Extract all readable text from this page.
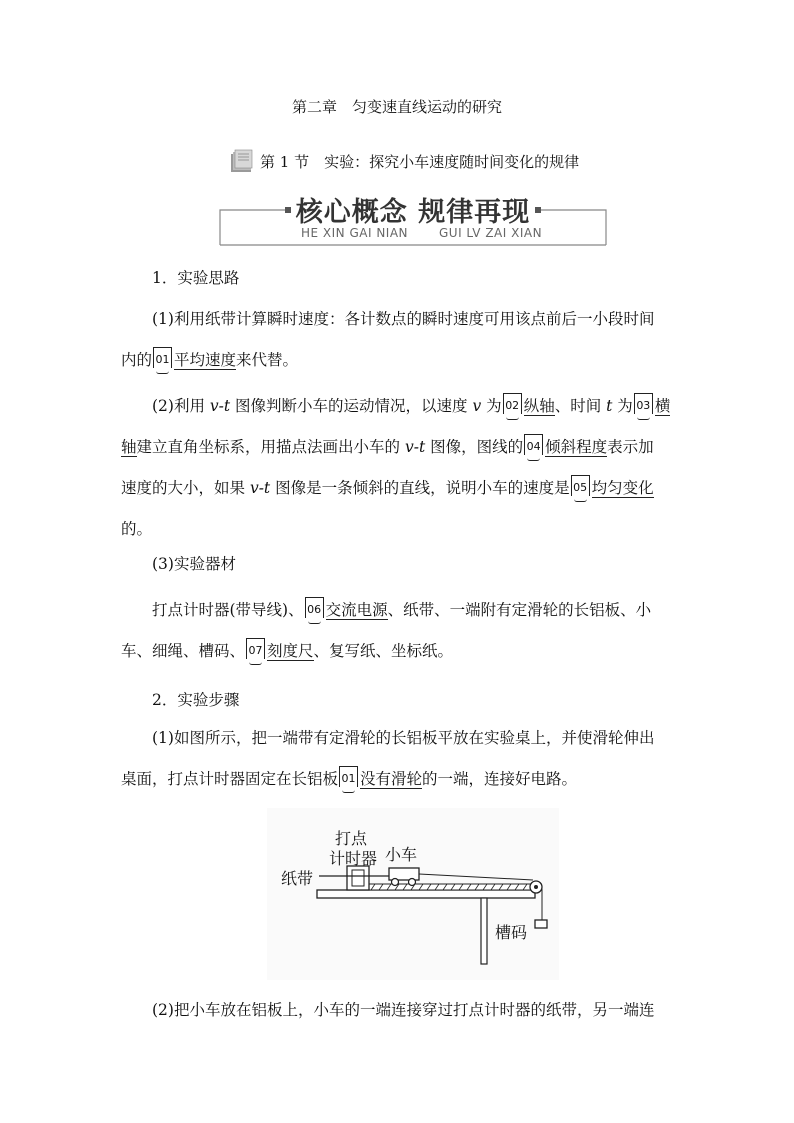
第二章　匀变速直线运动的研究
第 1 节　实验：探究小车速度随时间变化的规律
核心概念 规律再现
HE XIN GAI NIAN	GUI LV ZAI XIAN
1．实验思路
(1)利用纸带计算瞬时速度：各计数点的瞬时速度可用该点前后一小段时间
内的 01 平均速度来代替。
(2)利用 v-t 图像判断小车的运动情况，以速度 v 为 02 纵轴、时间 t 为 03 横
轴建立直角坐标系，用描点法画出小车的 v-t 图像，图线的 04 倾斜程度表示加
速度的大小，如果 v-t 图像是一条倾斜的直线，说明小车的速度是 05 均匀变化
的。
(3)实验器材
打点计时器(带导线)、 06 交流电源、纸带、一端附有定滑轮的长铝板、小
车、细绳、槽码、 07 刻度尺、复写纸、坐标纸。
2．实验步骤
(1)如图所示，把一端带有定滑轮的长铝板平放在实验桌上，并使滑轮伸出
桌面，打点计时器固定在长铝板 01 没有滑轮的一端，连接好电路。
打点
计时器 小车
纸带
槽码
(2)把小车放在铝板上，小车的一端连接穿过打点计时器的纸带，另一端连
